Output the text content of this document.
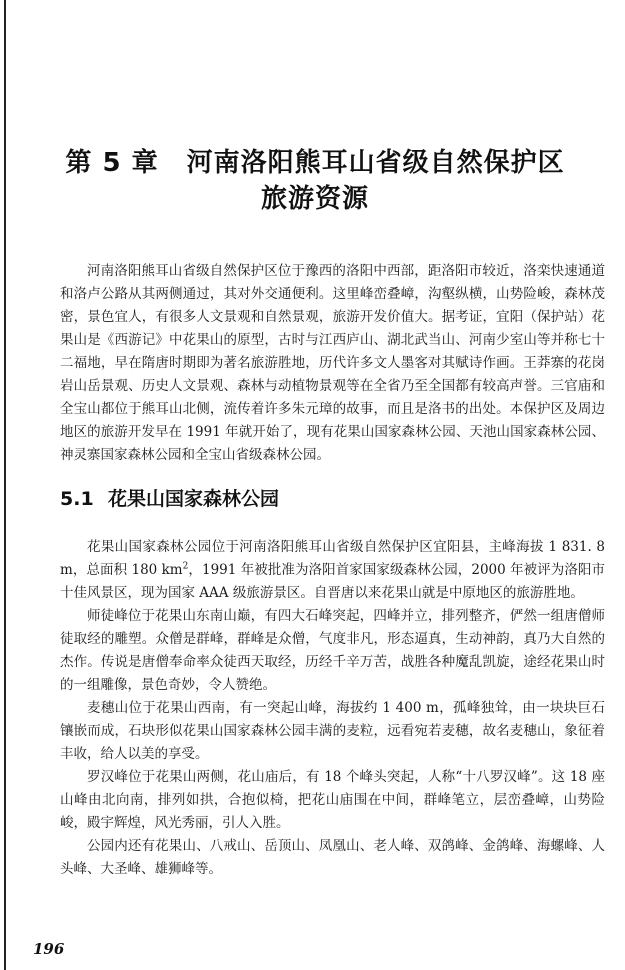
第 5 章 河南洛阳熊耳山省级自然保护区
旅游资源

河南洛阳熊耳山省级自然保护区位于豫西的洛阳中西部，距洛阳市较近，洛栾快速通道和洛卢公路从其两侧通过，其对外交通便利。这里峰峦叠嶂，沟壑纵横，山势险峻，森林茂密，景色宜人，有很多人文景观和自然景观，旅游开发价值大。据考证，宜阳（保护站）花果山是《西游记》中花果山的原型，古时与江西庐山、湖北武当山、河南少室山等并称七十二福地，早在隋唐时期即为著名旅游胜地，历代许多文人墨客对其赋诗作画。王莽寨的花岗岩山岳景观、历史人文景观、森林与动植物景观等在全省乃至全国都有较高声誉。三官庙和全宝山都位于熊耳山北侧，流传着许多朱元璋的故事，而且是洛书的出处。本保护区及周边地区的旅游开发早在 1991 年就开始了，现有花果山国家森林公园、天池山国家森林公园、神灵寨国家森林公园和全宝山省级森林公园。

5.1 花果山国家森林公园

花果山国家森林公园位于河南洛阳熊耳山省级自然保护区宜阳县，主峰海拔 1 831. 8 m，总面积 180 $km^2$，1991 年被批准为洛阳首家国家级森林公园，2000 年被评为洛阳市十佳风景区，现为国家 AAA 级旅游景区。自晋唐以来花果山就是中原地区的旅游胜地。

师徒峰位于花果山东南山巅，有四大石峰突起，四峰并立，排列整齐，俨然一组唐僧师徒取经的雕塑。众僧是群峰，群峰是众僧，气度非凡，形态逼真，生动神韵，真乃大自然的杰作。传说是唐僧奉命率众徒西天取经，历经千辛万苦，战胜各种魔乱凯旋，途经花果山时的一组雕像，景色奇妙，令人赞绝。

麦穗山位于花果山西南，有一突起山峰，海拔约 1 400 m，孤峰独耸，由一块块巨石镶嵌而成，石块形似花果山国家森林公园丰满的麦粒，远看宛若麦穗，故名麦穗山，象征着丰收，给人以美的享受。

罗汉峰位于花果山两侧，花山庙后，有 18 个峰头突起，人称“十八罗汉峰”。这 18 座山峰由北向南，排列如拱，合抱似椅，把花山庙围在中间，群峰笔立，层峦叠嶂，山势险峻，殿宇辉煌，风光秀丽，引人入胜。

公园内还有花果山、八戒山、岳顶山、凤凰山、老人峰、双鸽峰、金鸽峰、海螺峰、人头峰、大圣峰、雄狮峰等。

196
